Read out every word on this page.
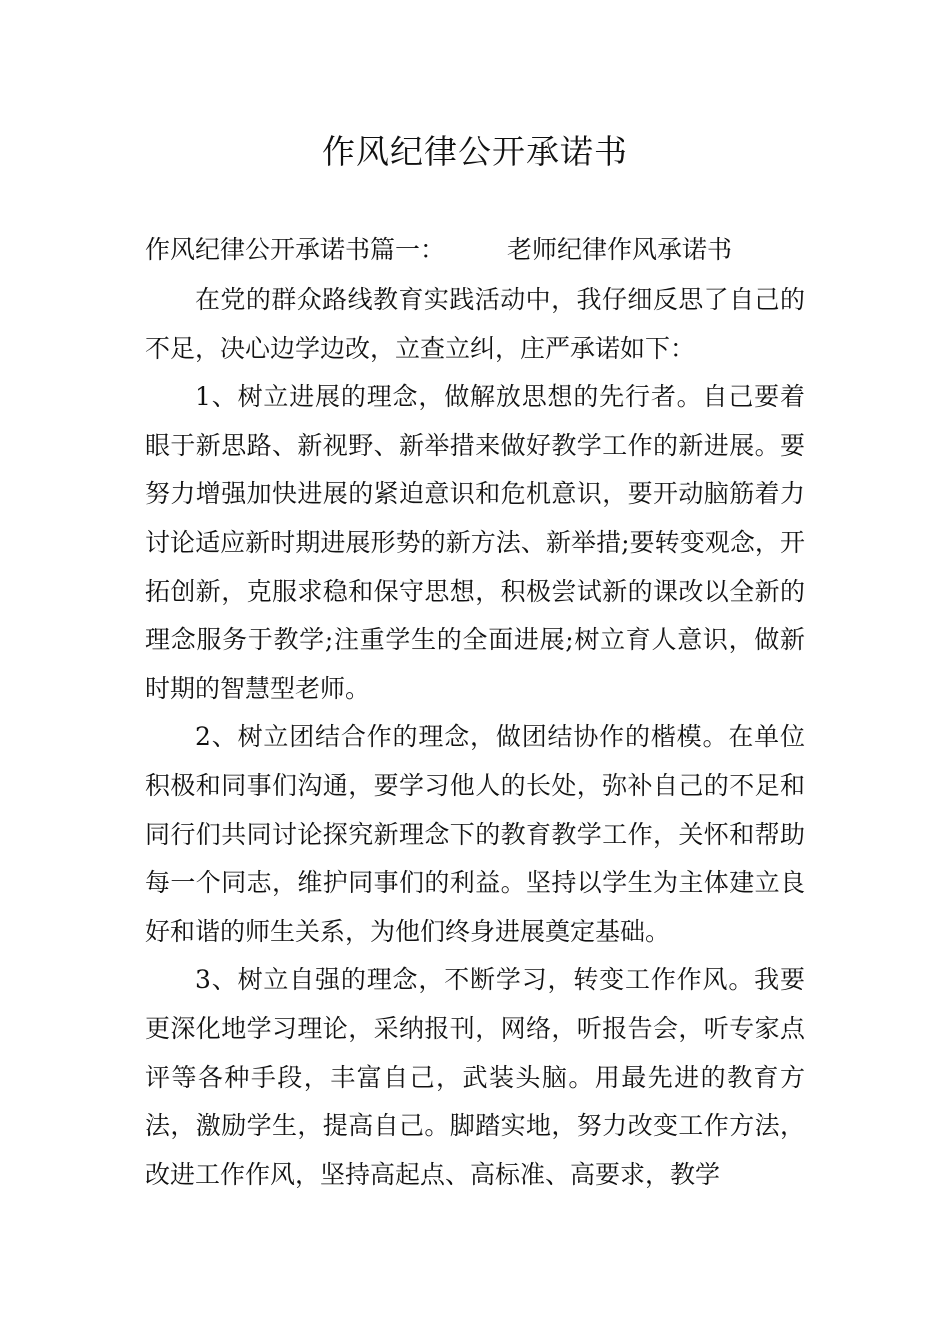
作风纪律公开承诺书
作风纪律公开承诺书篇一： 老师纪律作风承诺书

在党的群众路线教育实践活动中，我仔细反思了自己的不足，决心边学边改，立查立纠，庄严承诺如下：

1、树立进展的理念，做解放思想的先行者。自己要着眼于新思路、新视野、新举措来做好教学工作的新进展。要努力增强加快进展的紧迫意识和危机意识，要开动脑筋着力讨论适应新时期进展形势的新方法、新举措;要转变观念，开拓创新，克服求稳和保守思想，积极尝试新的课改以全新的理念服务于教学;注重学生的全面进展;树立育人意识，做新时期的智慧型老师。

2、树立团结合作的理念，做团结协作的楷模。在单位积极和同事们沟通，要学习他人的长处，弥补自己的不足和同行们共同讨论探究新理念下的教育教学工作，关怀和帮助每一个同志，维护同事们的利益。坚持以学生为主体建立良好和谐的师生关系，为他们终身进展奠定基础。

3、树立自强的理念，不断学习，转变工作作风。我要更深化地学习理论，采纳报刊，网络，听报告会，听专家点评等各种手段，丰富自己，武装头脑。用最先进的教育方法，激励学生，提高自己。脚踏实地，努力改变工作方法，改进工作作风，坚持高起点、高标准、高要求，教学
